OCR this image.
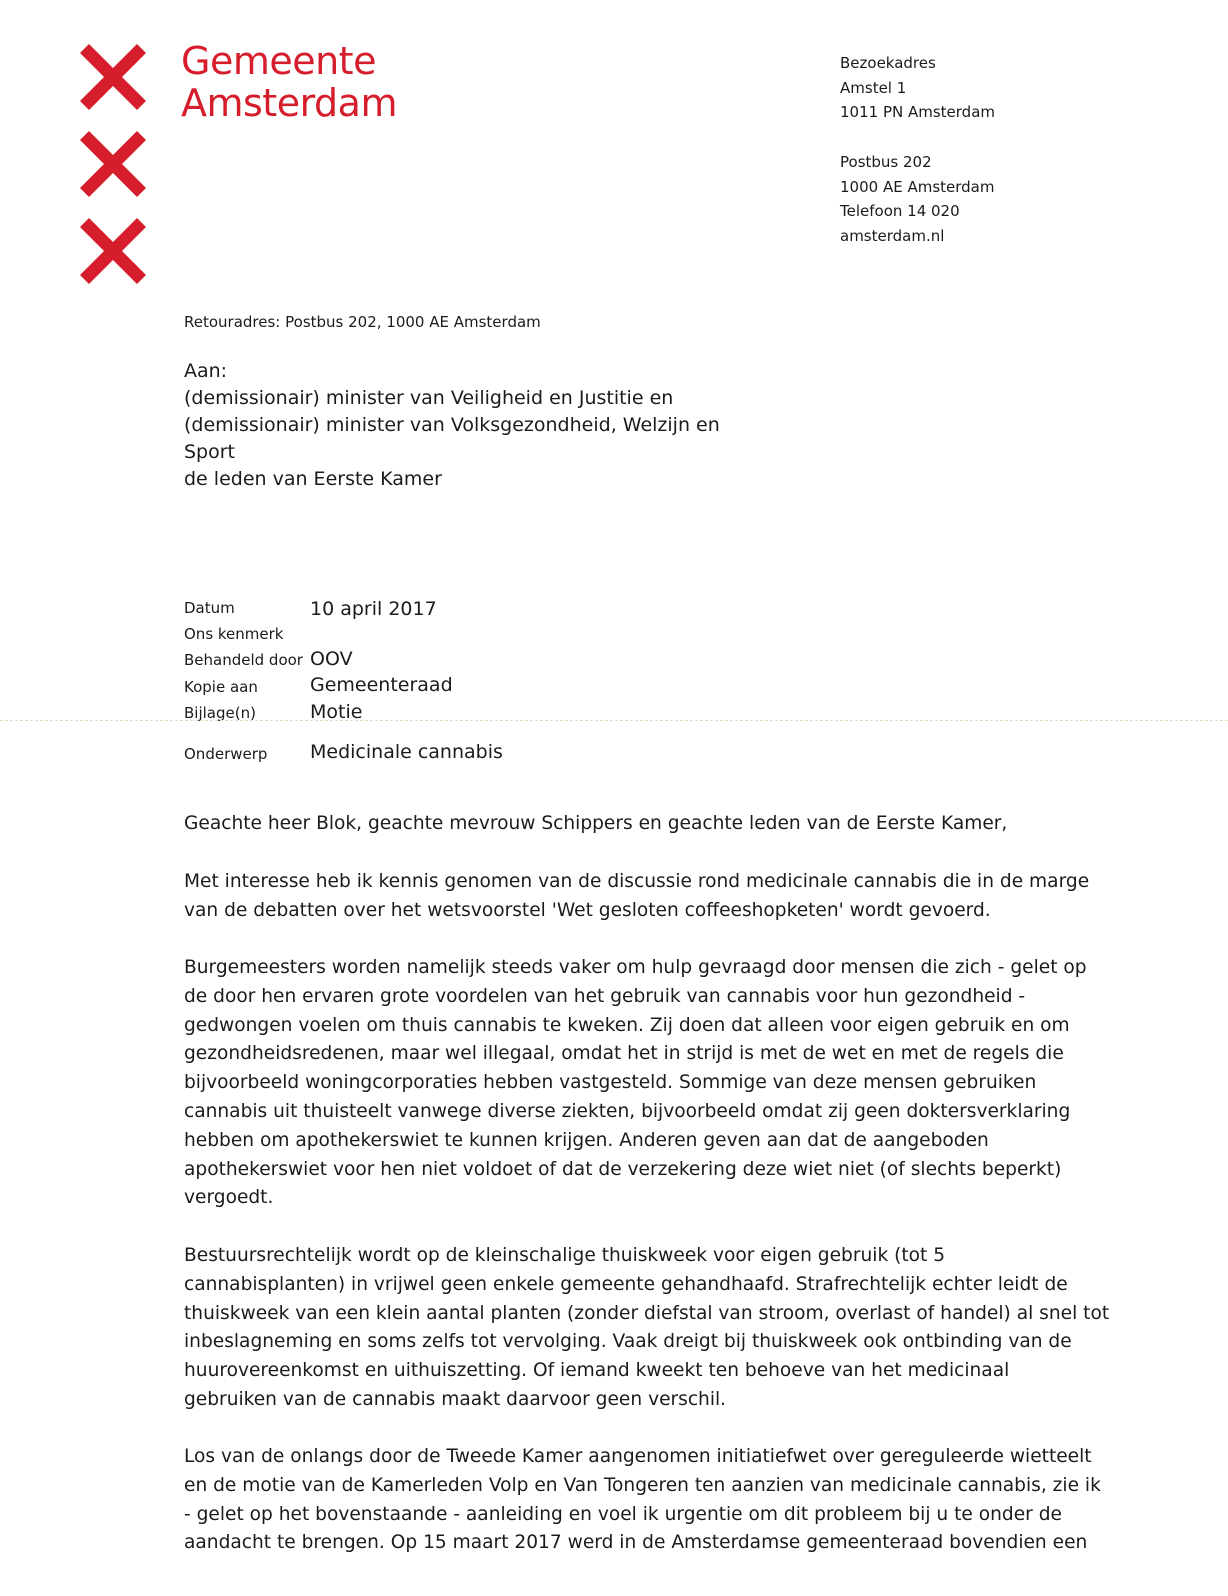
Gemeente
Amsterdam
Bezoekadres
Amstel 1
1011 PN Amsterdam
Postbus 202
1000 AE Amsterdam
Telefoon 14 020
amsterdam.nl
Retouradres: Postbus 202, 1000 AE Amsterdam
Aan:
(demissionair) minister van Veiligheid en Justitie en
(demissionair) minister van Volksgezondheid, Welzijn en
Sport
de leden van Eerste Kamer
Datum	10 april 2017
Ons kenmerk
Behandeld door OOV
Kopie aan	Gemeenteraad
Bijlage(n)	Motie
Onderwerp Medicinale cannabis
Geachte heer Blok, geachte mevrouw Schippers en geachte leden van de Eerste Kamer,
Met interesse heb ik kennis genomen van de discussie rond medicinale cannabis die in de marge
van de debatten over het wetsvoorstel 'Wet gesloten coffeeshopketen' wordt gevoerd.
Burgemeesters worden namelijk steeds vaker om hulp gevraagd door mensen die zich - gelet op
de door hen ervaren grote voordelen van het gebruik van cannabis voor hun gezondheid -
gedwongen voelen om thuis cannabis te kweken. Zij doen dat alleen voor eigen gebruik en om
gezondheidsredenen, maar wel illegaal, omdat het in strijd is met de wet en met de regels die
bijvoorbeeld woningcorporaties hebben vastgesteld. Sommige van deze mensen gebruiken
cannabis uit thuisteelt vanwege diverse ziekten, bijvoorbeeld omdat zij geen doktersverklaring
hebben om apothekerswiet te kunnen krijgen. Anderen geven aan dat de aangeboden
apothekerswiet voor hen niet voldoet of dat de verzekering deze wiet niet (of slechts beperkt)
vergoedt.
Bestuursrechtelijk wordt op de kleinschalige thuiskweek voor eigen gebruik (tot 5
cannabisplanten) in vrijwel geen enkele gemeente gehandhaafd. Strafrechtelijk echter leidt de
thuiskweek van een klein aantal planten (zonder diefstal van stroom, overlast of handel) al snel tot
inbeslagneming en soms zelfs tot vervolging. Vaak dreigt bij thuiskweek ook ontbinding van de
huurovereenkomst en uithuiszetting. Of iemand kweekt ten behoeve van het medicinaal
gebruiken van de cannabis maakt daarvoor geen verschil.
Los van de onlangs door de Tweede Kamer aangenomen initiatiefwet over gereguleerde wietteelt
en de motie van de Kamerleden Volp en Van Tongeren ten aanzien van medicinale cannabis, zie ik
- gelet op het bovenstaande - aanleiding en voel ik urgentie om dit probleem bij u te onder de
aandacht te brengen. Op 15 maart 2017 werd in de Amsterdamse gemeenteraad bovendien een
